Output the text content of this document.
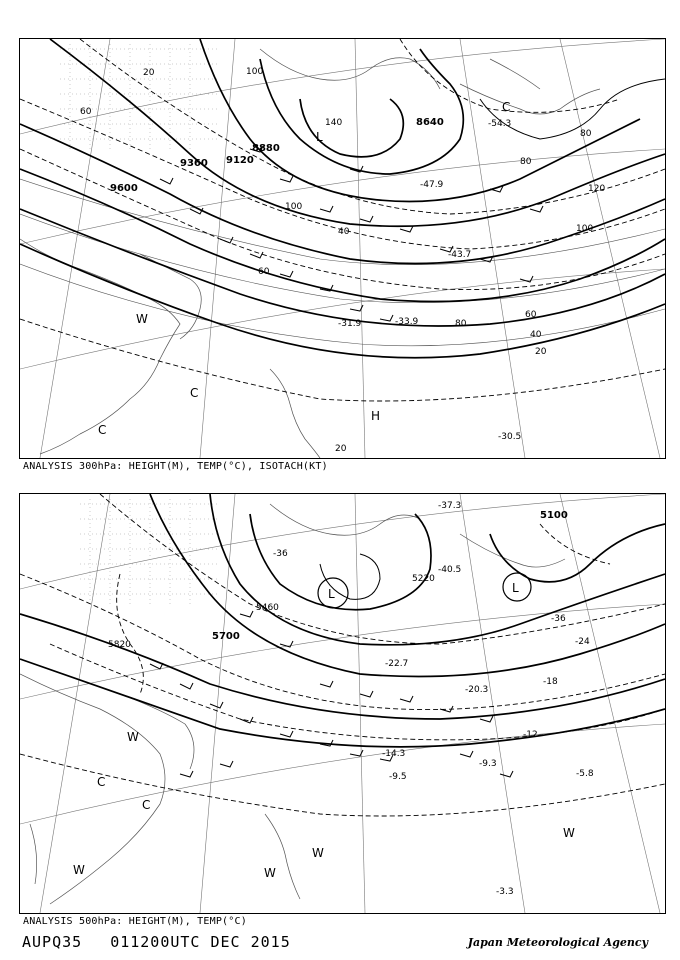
9600
9360 9120
8880
8640
20
60
100
140
100
80
120
100
60
40
20
80
20
80
60
40
L
C
W
C
C
H
-33.9
-31.9
-43.7
-54.3
-47.9
-30.5
ANALYSIS 300hPa: HEIGHT(M), TEMP(°C), ISOTACH(KT)
5820
5700
5460
5220
5100
-36
-36
-24
-18
-12
L	L
W
C
C
W
W
W
W
-22.7
-14.3
-9.5
-9.3
-5.8
-3.3
-20.3
-40.5
-37.3
ANALYSIS 500hPa: HEIGHT(M), TEMP(°C)
AUPQ35 011200UTC DEC 2015	Japan Meteorological Agency
